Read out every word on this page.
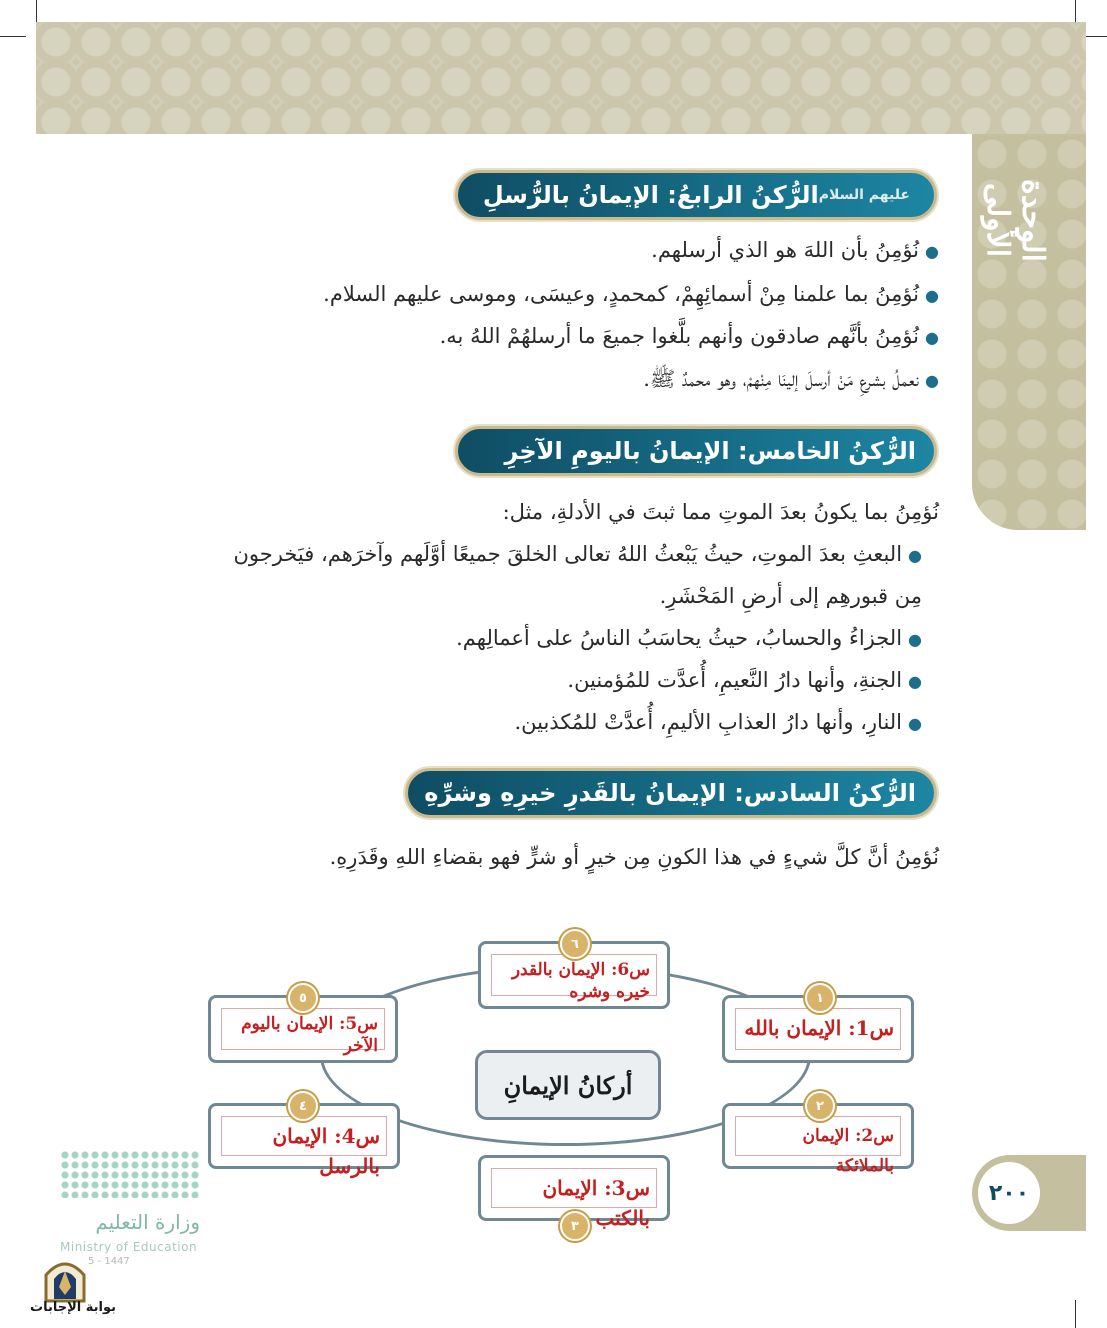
الوحدة الأولى
الرُّكنُ الرابعُ: الإيمانُ بالرُّسلِ عليهم السلام
●نُؤمِنُ بأن اللهَ هو الذي أرسلهم.
●نُؤمِنُ بما علمنا مِنْ أسمائِهِمْ، كمحمدٍ، وعيسَى، وموسى عليهم السلام.
●نُؤمِنُ بأنَّهم صادقون وأنهم بلَّغوا جميعَ ما أرسلهُمْ اللهُ به.
●نعملُ بشرعِ مَنْ أرسلَ إلينَا مِنْهمْ، وهو محمدٌ ﷺ.
الرُّكنُ الخامس: الإيمانُ باليومِ الآخِرِ
نُؤمِنُ بما يكونُ بعدَ الموتِ مما ثبتَ في الأدلةِ، مثل:
●البعثِ بعدَ الموتِ، حيثُ يَبْعثُ اللهُ تعالى الخلقَ جميعًا أوَّلَهم وآخرَهم، فيَخرجون
مِن قبورهِم إلى أرضِ المَحْشَرِ.
●الجزاءُ والحسابُ، حيثُ يحاسَبُ الناسُ على أعمالِهم.
●الجنةِ، وأنها دارُ النَّعيمِ، أُعدَّت للمُؤمنين.
●النارِ، وأنها دارُ العذابِ الأليمِ، أُعدَّتْ للمُكذبين.
الرُّكنُ السادس: الإيمانُ بالقَدرِ خيرِهِ وشرِّهِ
نُؤمِنُ أنَّ كلَّ شيءٍ في هذا الكونِ مِن خيرٍ أو شرٍّ فهو بقضاءِ اللهِ وقَدَرِهِ.
أركانُ الإيمانِ
س6: الإيمان بالقدر خيره وشره
٦
س5: الإيمان باليوم الآخر
٥
س1: الإيمان بالله
١
س4: الإيمان بالرسل
٤
س2: الإيمان بالملائكة
٢
س3: الإيمان بالكتب
٣
٢٠٠
وزارة التعليم
Ministry of Education
5 - 1447
بوابة الإجابات
